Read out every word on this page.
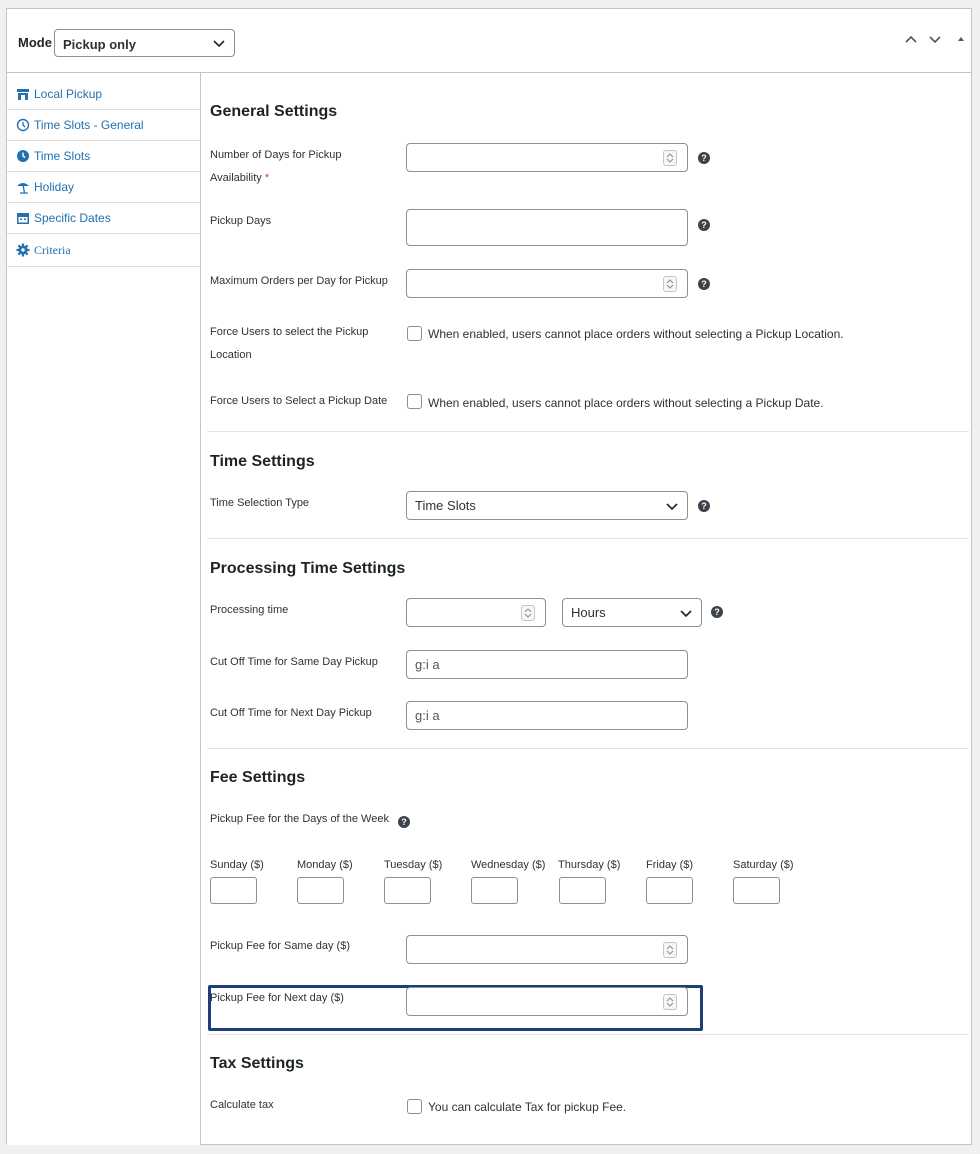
Mode Pickup only
Local Pickup
Time Slots - General
Time Slots
Holiday
Specific Dates
Criteria
General Settings
Number of Days for Pickup
Availability *
?
Pickup Days	?
Maximum Orders per Day for Pickup	?
Force Users to select the Pickup
Location
When enabled, users cannot place orders without selecting a Pickup Location.
Force Users to Select a Pickup Date	When enabled, users cannot place orders without selecting a Pickup Date.
Time Settings
Time Selection Type	Time Slots	?
Processing Time Settings
Processing time	Hours	?
Cut Off Time for Same Day Pickup	g:i a
Cut Off Time for Next Day Pickup	g:i a
Fee Settings
Pickup Fee for the Days of the Week	?
Sunday ($)	Monday ($)	Tuesday ($)	Wednesday ($) Thursday ($) Friday ($)	Saturday ($)
Pickup Fee for Same day ($)
Pickup Fee for Next day ($)
Tax Settings
Calculate tax	You can calculate Tax for pickup Fee.
